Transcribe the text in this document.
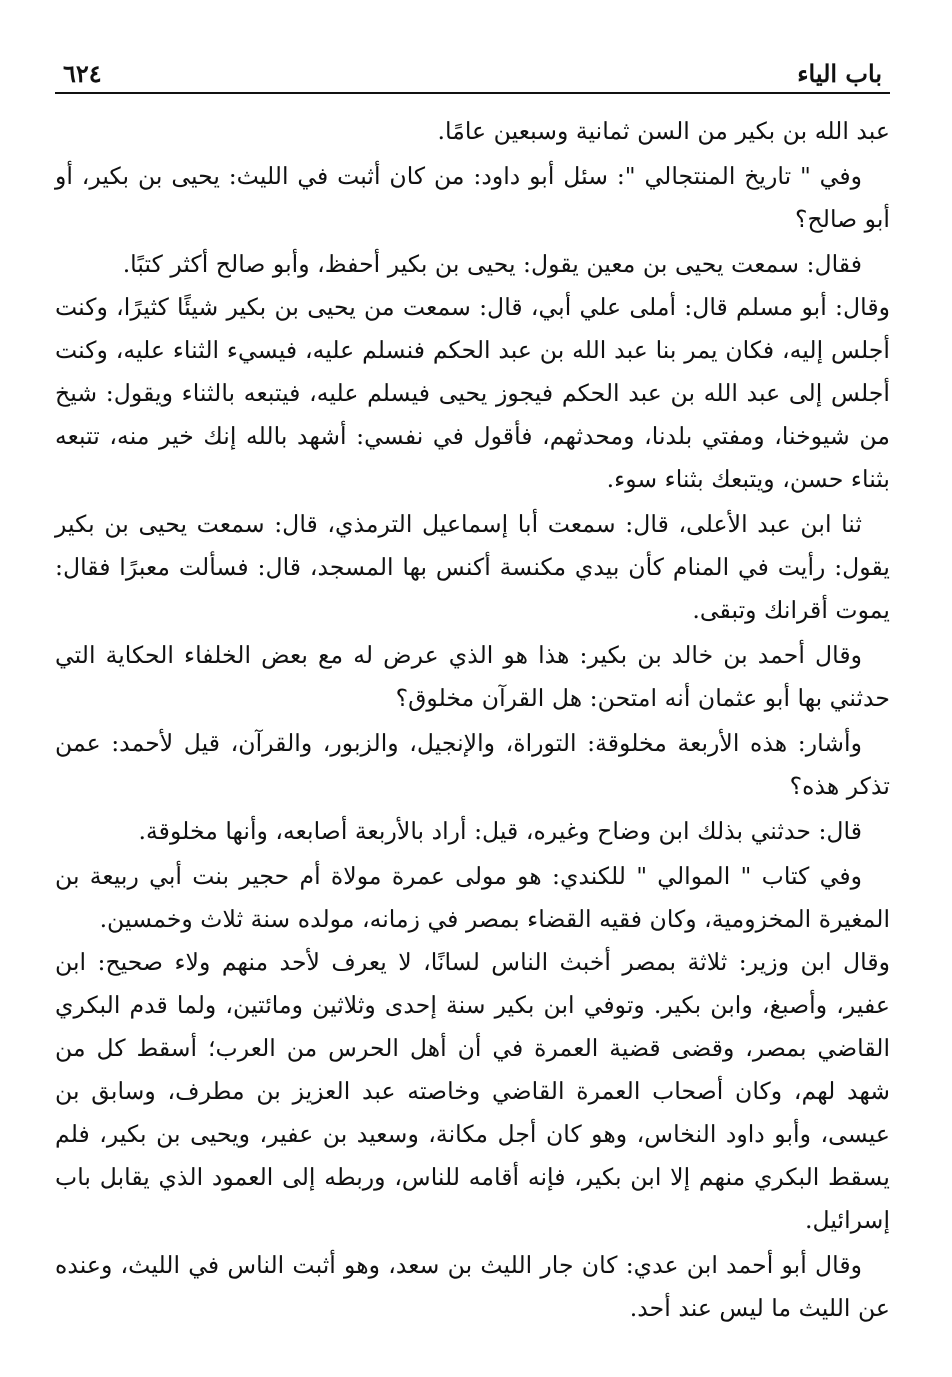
باب الياء
٦٢٤

عبد الله بن بكير من السن ثمانية وسبعين عامًا.

وفي " تاريخ المنتجالي ": سئل أبو داود: من كان أثبت في الليث: يحيى بن بكير، أو أبو صالح؟

فقال: سمعت يحيى بن معين يقول: يحيى بن بكير أحفظ، وأبو صالح أكثر كتبًا.

وقال: أبو مسلم قال: أملى علي أبي، قال: سمعت من يحيى بن بكير شيئًا كثيرًا، وكنت أجلس إليه، فكان يمر بنا عبد الله بن عبد الحكم فنسلم عليه، فيسيء الثناء عليه، وكنت أجلس إلى عبد الله بن عبد الحكم فيجوز يحيى فيسلم عليه، فيتبعه بالثناء ويقول: شيخ من شيوخنا، ومفتي بلدنا، ومحدثهم، فأقول في نفسي: أشهد بالله إنك خير منه، تتبعه بثناء حسن، ويتبعك بثناء سوء.

ثنا ابن عبد الأعلى، قال: سمعت أبا إسماعيل الترمذي، قال: سمعت يحيى بن بكير يقول: رأيت في المنام كأن بيدي مكنسة أكنس بها المسجد، قال: فسألت معبرًا فقال: يموت أقرانك وتبقى.

وقال أحمد بن خالد بن بكير: هذا هو الذي عرض له مع بعض الخلفاء الحكاية التي حدثني بها أبو عثمان أنه امتحن: هل القرآن مخلوق؟

وأشار: هذه الأربعة مخلوقة: التوراة، والإنجيل، والزبور، والقرآن، قيل لأحمد: عمن تذكر هذه؟

قال: حدثني بذلك ابن وضاح وغيره، قيل: أراد بالأربعة أصابعه، وأنها مخلوقة.

وفي كتاب " الموالي " للكندي: هو مولى عمرة مولاة أم حجير بنت أبي ربيعة بن المغيرة المخزومية، وكان فقيه القضاء بمصر في زمانه، مولده سنة ثلاث وخمسين.

وقال ابن وزير: ثلاثة بمصر أخبث الناس لسانًا، لا يعرف لأحد منهم ولاء صحيح: ابن عفير، وأصبغ، وابن بكير. وتوفي ابن بكير سنة إحدى وثلاثين ومائتين، ولما قدم البكري القاضي بمصر، وقضى قضية العمرة في أن أهل الحرس من العرب؛ أسقط كل من شهد لهم، وكان أصحاب العمرة القاضي وخاصته عبد العزيز بن مطرف، وسابق بن عيسى، وأبو داود النخاس، وهو كان أجل مكانة، وسعيد بن عفير، ويحيى بن بكير، فلم يسقط البكري منهم إلا ابن بكير، فإنه أقامه للناس، وربطه إلى العمود الذي يقابل باب إسرائيل.

وقال أبو أحمد ابن عدي: كان جار الليث بن سعد، وهو أثبت الناس في الليث، وعنده عن الليث ما ليس عند أحد.
